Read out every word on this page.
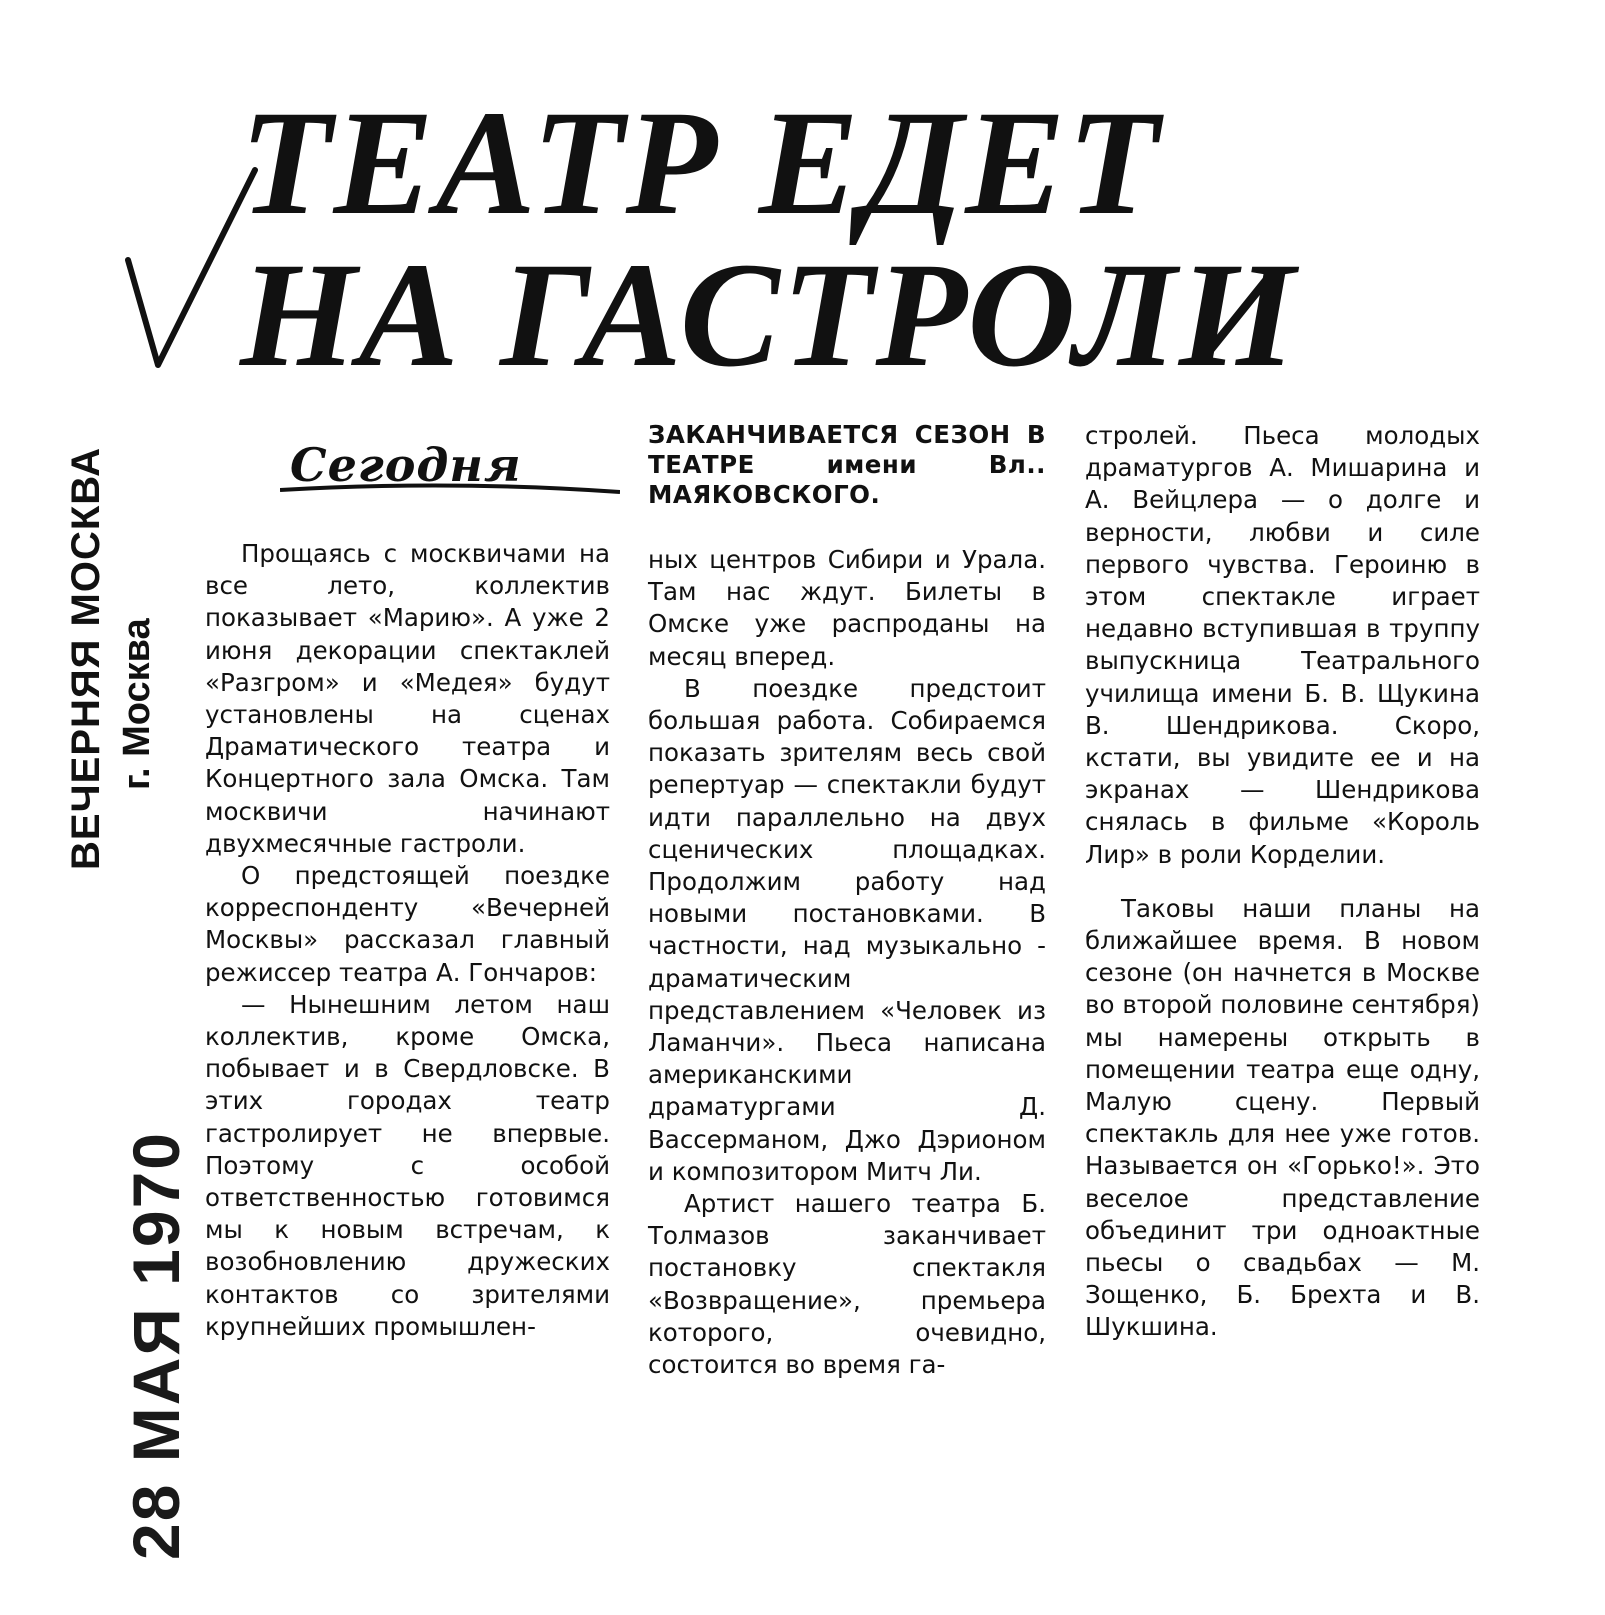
ТЕАТР ЕДЕТ
НА ГАСТРОЛИ
Сегодня
ВЕЧЕРНЯЯ МОСКВА г. Москва
28 МАЯ 1970

Прощаясь с москвичами на все лето, коллектив показывает «Марию». А уже 2 июня декорации спектаклей «Разгром» и «Медея» будут установлены на сценах Драматического театра и Концертного зала Омска. Там москвичи начинают двухмесячные гастроли.

О предстоящей поездке корреспонденту «Вечерней Москвы» рассказал главный режиссер театра А. Гончаров:

— Нынешним летом наш коллектив, кроме Омска, побывает и в Свердловске. В этих городах театр гастролирует не впервые. Поэтому с особой ответственностью готовимся мы к новым встречам, к возобновлению дружеских контактов со зрителями крупнейших промышлен-

ЗАКАНЧИВАЕТСЯ СЕЗОН В ТЕАТРЕ имени Вл.. МАЯКОВСКОГО.

ных центров Сибири и Урала. Там нас ждут. Билеты в Омске уже распроданы на месяц вперед.

В поездке предстоит большая работа. Собираемся показать зрителям весь свой репертуар — спектакли будут идти параллельно на двух сценических площадках. Продолжим работу над новыми постановками. В частности, над музыкально - драматическим представлением «Человек из Ламанчи». Пьеса написана американскими драматургами Д. Вассерманом, Джо Дэрионом и композитором Митч Ли.

Артист нашего театра Б. Толмазов заканчивает постановку спектакля «Возвращение», премьера которого, очевидно, состоится во время га-

стролей. Пьеса молодых драматургов А. Мишарина и А. Вейцлера — о долге и верности, любви и силе первого чувства. Героиню в этом спектакле играет недавно вступившая в труппу выпускница Театрального училища имени Б. В. Щукина В. Шендрикова. Скоро, кстати, вы увидите ее и на экранах — Шендрикова снялась в фильме «Король Лир» в роли Корделии.

Таковы наши планы на ближайшее время. В новом сезоне (он начнется в Москве во второй половине сентября) мы намерены открыть в помещении театра еще одну, Малую сцену. Первый спектакль для нее уже готов. Называется он «Горько!». Это веселое представление объединит три одноактные пьесы о свадьбах — М. Зощенко, Б. Брехта и В. Шукшина.
